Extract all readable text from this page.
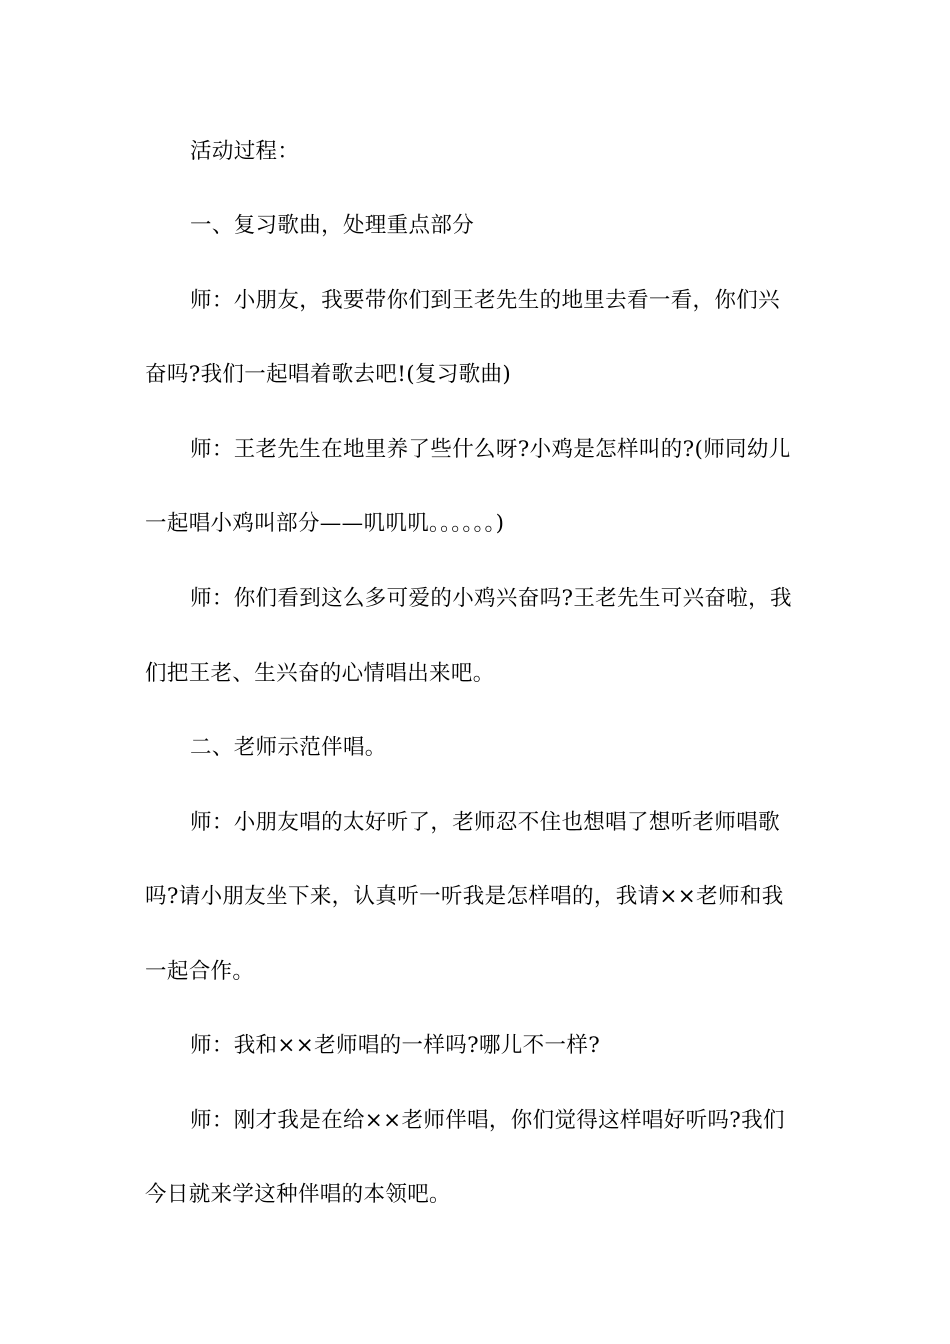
活动过程：
一、复习歌曲，处理重点部分
师：小朋友，我要带你们到王老先生的地里去看一看，你们兴
奋吗?我们一起唱着歌去吧!(复习歌曲)
师：王老先生在地里养了些什么呀?小鸡是怎样叫的?(师同幼儿
一起唱小鸡叫部分——叽叽叽。。。。。。)
师：你们看到这么多可爱的小鸡兴奋吗?王老先生可兴奋啦，我
们把王老、生兴奋的心情唱出来吧。
二、老师示范伴唱。
师：小朋友唱的太好听了，老师忍不住也想唱了想听老师唱歌
吗?请小朋友坐下来，认真听一听我是怎样唱的，我请××老师和我
一起合作。
师：我和××老师唱的一样吗?哪儿不一样?
师：刚才我是在给××老师伴唱，你们觉得这样唱好听吗?我们
今日就来学这种伴唱的本领吧。
